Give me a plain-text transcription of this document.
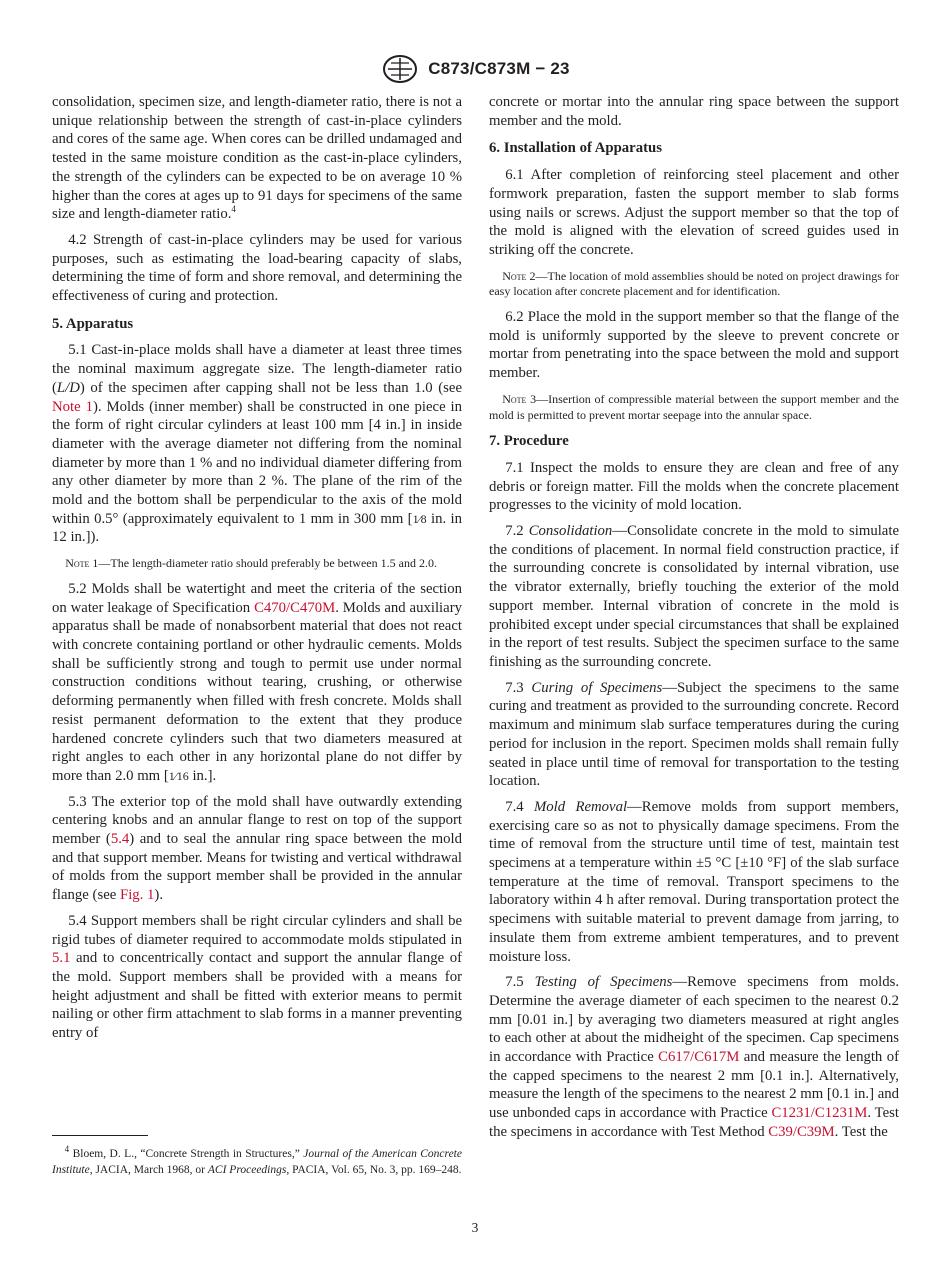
C873/C873M − 23

consolidation, specimen size, and length-diameter ratio, there is not a unique relationship between the strength of cast-in-place cylinders and cores of the same age. When cores can be drilled undamaged and tested in the same moisture condition as the cast-in-place cylinders, the strength of the cylinders can be expected to be on average 10 % higher than the cores at ages up to 91 days for specimens of the same size and length-diameter ratio.$^4$

4.2 Strength of cast-in-place cylinders may be used for various purposes, such as estimating the load-bearing capacity of slabs, determining the time of form and shore removal, and determining the effectiveness of curing and protection.

5. Apparatus

5.1 Cast-in-place molds shall have a diameter at least three times the nominal maximum aggregate size. The length-diameter ratio (L/D) of the specimen after capping shall not be less than 1.0 (see Note 1). Molds (inner member) shall be constructed in one piece in the form of right circular cylinders at least 100 mm [4 in.] in inside diameter with the average diameter not differing from the nominal diameter by more than 1 % and no individual diameter differing from any other diameter by more than 2 %. The plane of the rim of the mold and the bottom shall be perpendicular to the axis of the mold within 0.5° (approximately equivalent to 1 mm in 300 mm [1⁄8 in. in 12 in.]).

Note 1—The length-diameter ratio should preferably be between 1.5 and 2.0.

5.2 Molds shall be watertight and meet the criteria of the section on water leakage of Specification C470/C470M. Molds and auxiliary apparatus shall be made of nonabsorbent material that does not react with concrete containing portland or other hydraulic cements. Molds shall be sufficiently strong and tough to permit use under normal construction conditions without tearing, crushing, or otherwise deforming permanently when filled with fresh concrete. Molds shall resist permanent deformation to the extent that they produce hardened concrete cylinders such that two diameters measured at right angles to each other in any horizontal plane do not differ by more than 2.0 mm [1⁄16 in.].

5.3 The exterior top of the mold shall have outwardly extending centering knobs and an annular flange to rest on top of the support member (5.4) and to seal the annular ring space between the mold and that support member. Means for twisting and vertical withdrawal of molds from the support member shall be provided in the annular flange (see Fig. 1).

5.4 Support members shall be right circular cylinders and shall be rigid tubes of diameter required to accommodate molds stipulated in 5.1 and to concentrically contact and support the annular flange of the mold. Support members shall be provided with a means for height adjustment and shall be fitted with exterior means to permit nailing or other firm attachment to slab forms in a manner preventing entry of

$^4$ Bloem, D. L., “Concrete Strength in Structures,” Journal of the American Concrete Institute, JACIA, March 1968, or ACI Proceedings, PACIA, Vol. 65, No. 3, pp. 169–248.

concrete or mortar into the annular ring space between the support member and the mold.

6. Installation of Apparatus

6.1 After completion of reinforcing steel placement and other formwork preparation, fasten the support member to slab forms using nails or screws. Adjust the support member so that the top of the mold is aligned with the elevation of screed guides used in striking off the concrete.

Note 2—The location of mold assemblies should be noted on project drawings for easy location after concrete placement and for identification.

6.2 Place the mold in the support member so that the flange of the mold is uniformly supported by the sleeve to prevent concrete or mortar from penetrating into the space between the mold and support member.

Note 3—Insertion of compressible material between the support member and the mold is permitted to prevent mortar seepage into the annular space.

7. Procedure

7.1 Inspect the molds to ensure they are clean and free of any debris or foreign matter. Fill the molds when the concrete placement progresses to the vicinity of mold location.

7.2 Consolidation—Consolidate concrete in the mold to simulate the conditions of placement. In normal field construction practice, if the surrounding concrete is consolidated by internal vibration, use the vibrator externally, briefly touching the exterior of the mold support member. Internal vibration of concrete in the mold is prohibited except under special circumstances that shall be explained in the report of test results. Subject the specimen surface to the same finishing as the surrounding concrete.

7.3 Curing of Specimens—Subject the specimens to the same curing and treatment as provided to the surrounding concrete. Record maximum and minimum slab surface temperatures during the curing period for inclusion in the report. Specimen molds shall remain fully seated in place until time of removal for transportation to the testing location.

7.4 Mold Removal—Remove molds from support members, exercising care so as not to physically damage specimens. From the time of removal from the structure until time of test, maintain test specimens at a temperature within ±5 °C [±10 °F] of the slab surface temperature at the time of removal. Transport specimens to the laboratory within 4 h after removal. During transportation protect the specimens with suitable material to prevent damage from jarring, to insulate them from extreme ambient temperatures, and to prevent moisture loss.

7.5 Testing of Specimens—Remove specimens from molds. Determine the average diameter of each specimen to the nearest 0.2 mm [0.01 in.] by averaging two diameters measured at right angles to each other at about the midheight of the specimen. Cap specimens in accordance with Practice C617/C617M and measure the length of the capped specimens to the nearest 2 mm [0.1 in.]. Alternatively, measure the length of the specimens to the nearest 2 mm [0.1 in.] and use unbonded caps in accordance with Practice C1231/C1231M. Test the specimens in accordance with Test Method C39/C39M. Test the

3
